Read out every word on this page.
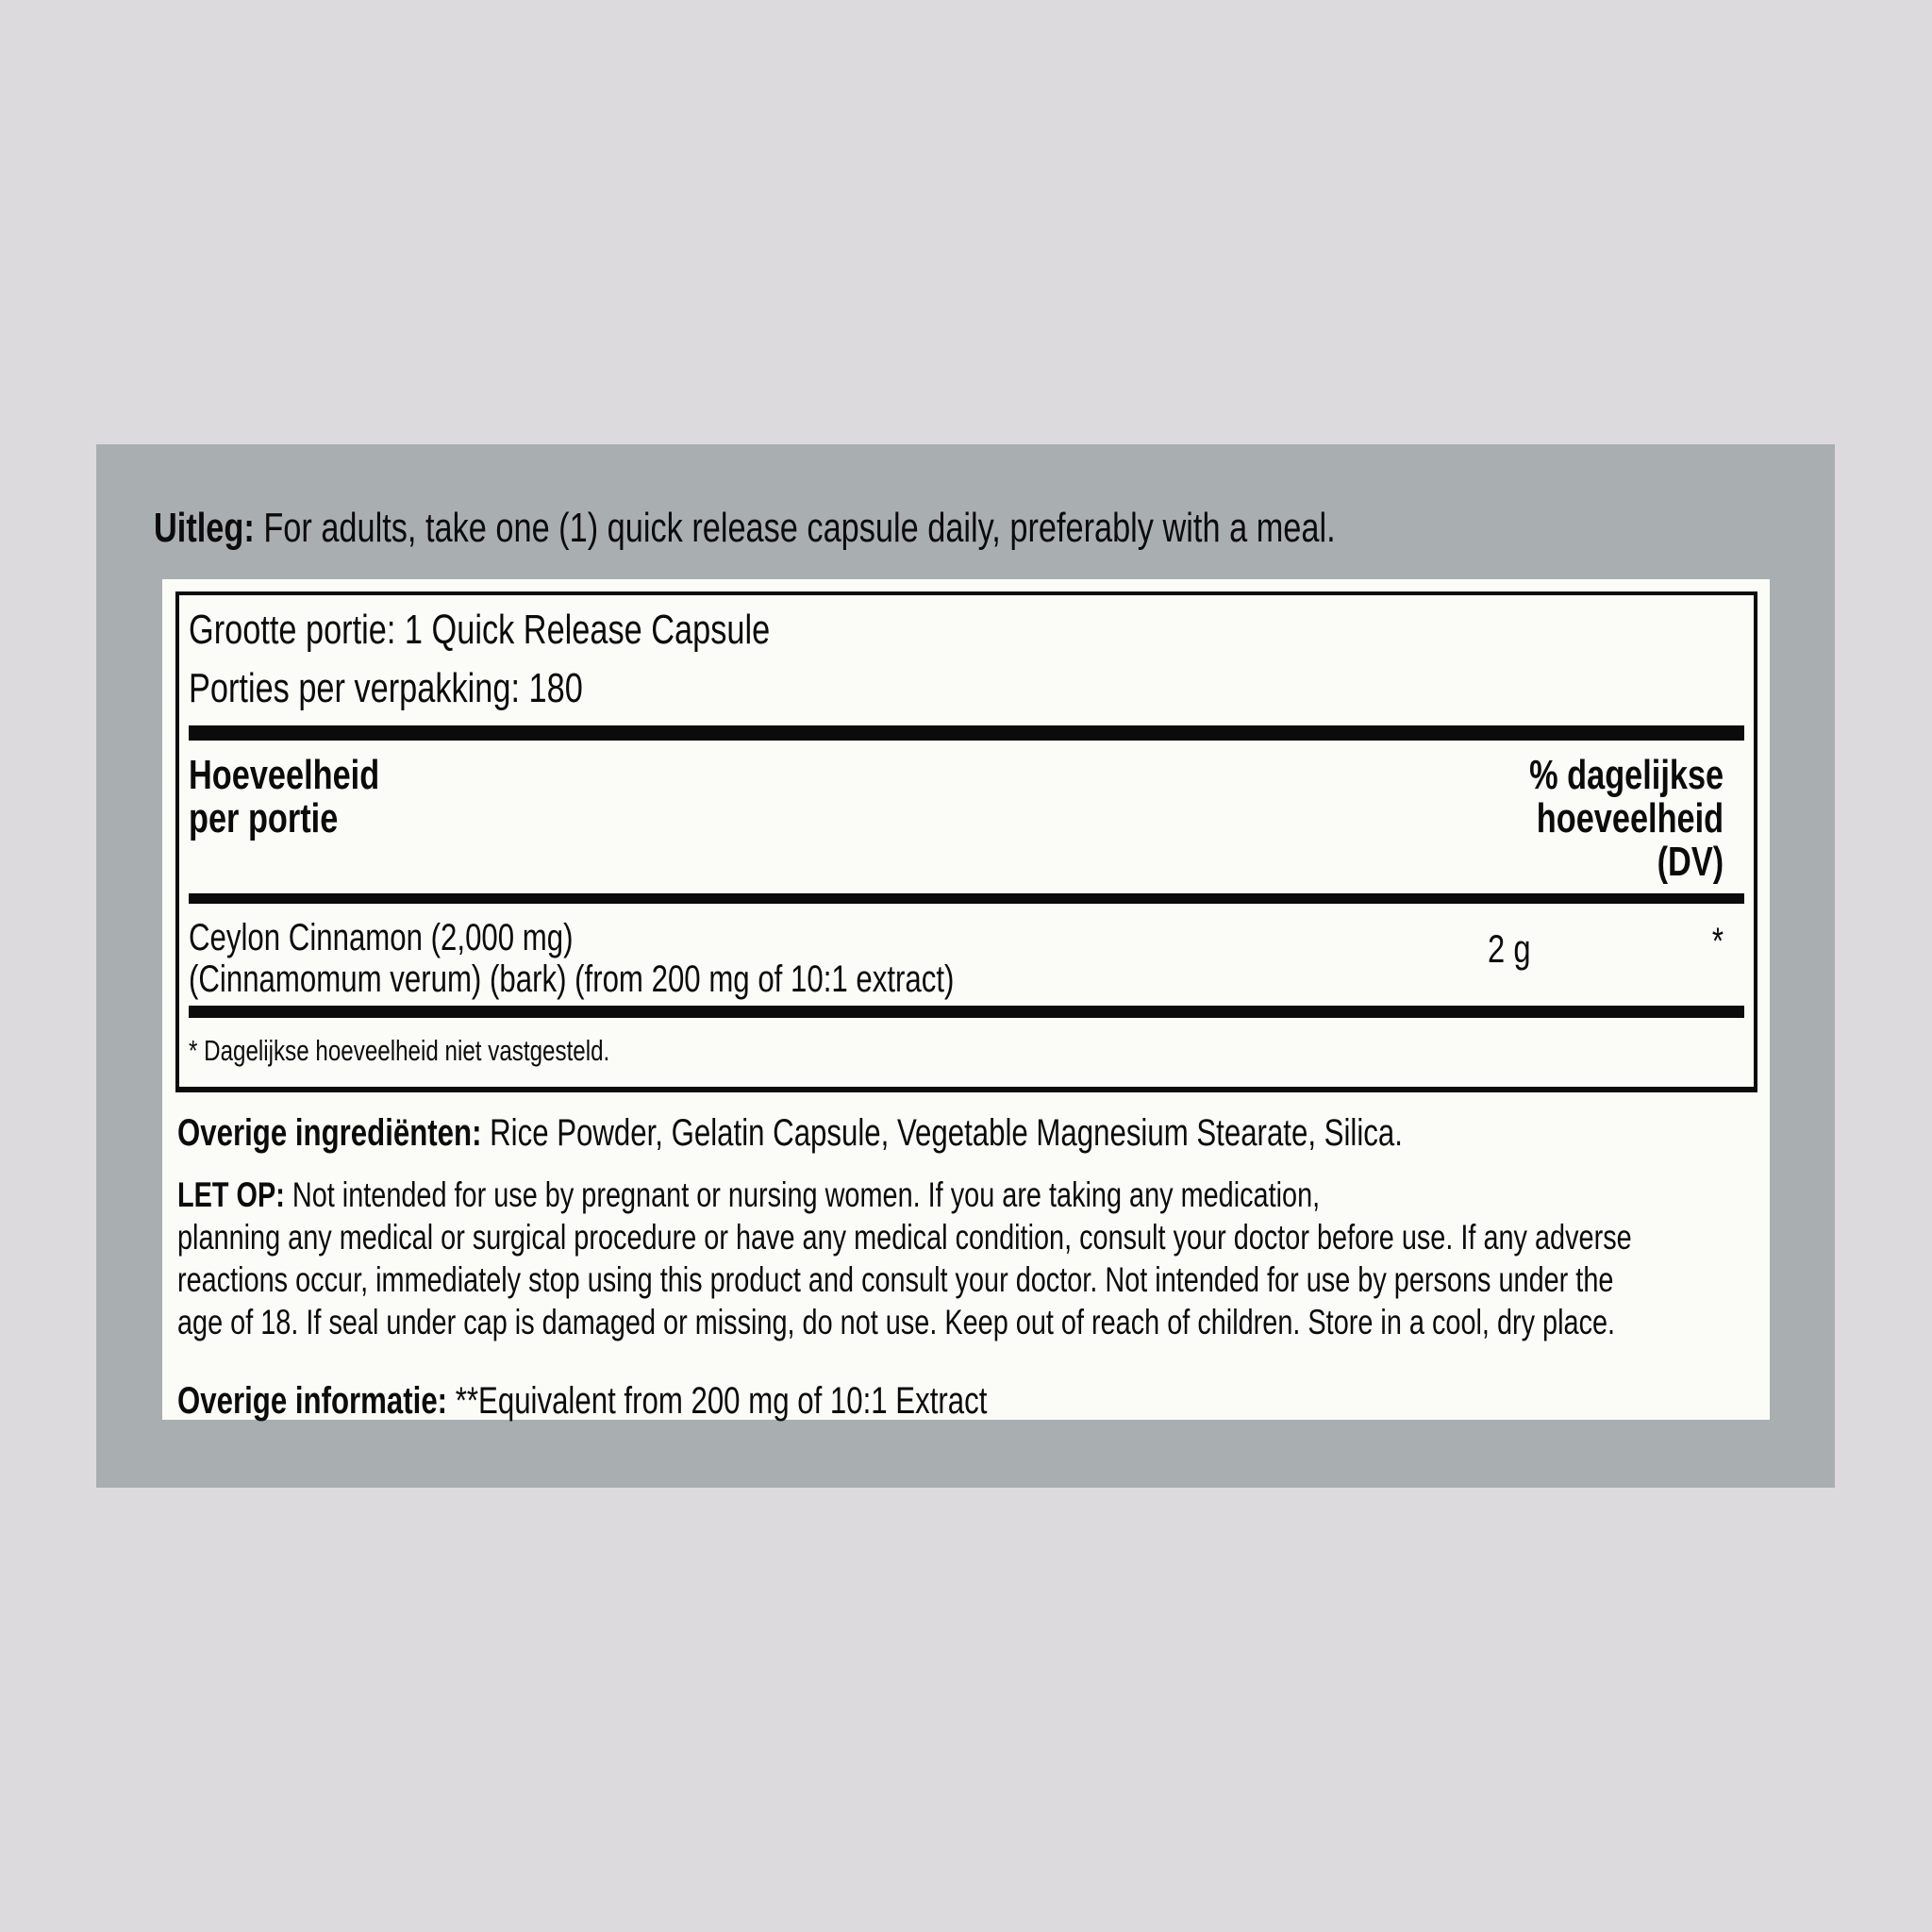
Uitleg: For adults, take one (1) quick release capsule daily, preferably with a meal.
Grootte portie: 1 Quick Release Capsule
Porties per verpakking: 180
Hoeveelheid
per portie
% dagelijkse
hoeveelheid
(DV)
Ceylon Cinnamon (2,000 mg)
(Cinnamomum verum) (bark) (from 200 mg of 10:1 extract)
2 g	*
* Dagelijkse hoeveelheid niet vastgesteld.
Overige ingrediënten: Rice Powder, Gelatin Capsule, Vegetable Magnesium Stearate, Silica.
LET OP: Not intended for use by pregnant or nursing women. If you are taking any medication,
planning any medical or surgical procedure or have any medical condition, consult your doctor before use. If any adverse
reactions occur, immediately stop using this product and consult your doctor. Not intended for use by persons under the
age of 18. If seal under cap is damaged or missing, do not use. Keep out of reach of children. Store in a cool, dry place.
Overige informatie: **Equivalent from 200 mg of 10:1 Extract
